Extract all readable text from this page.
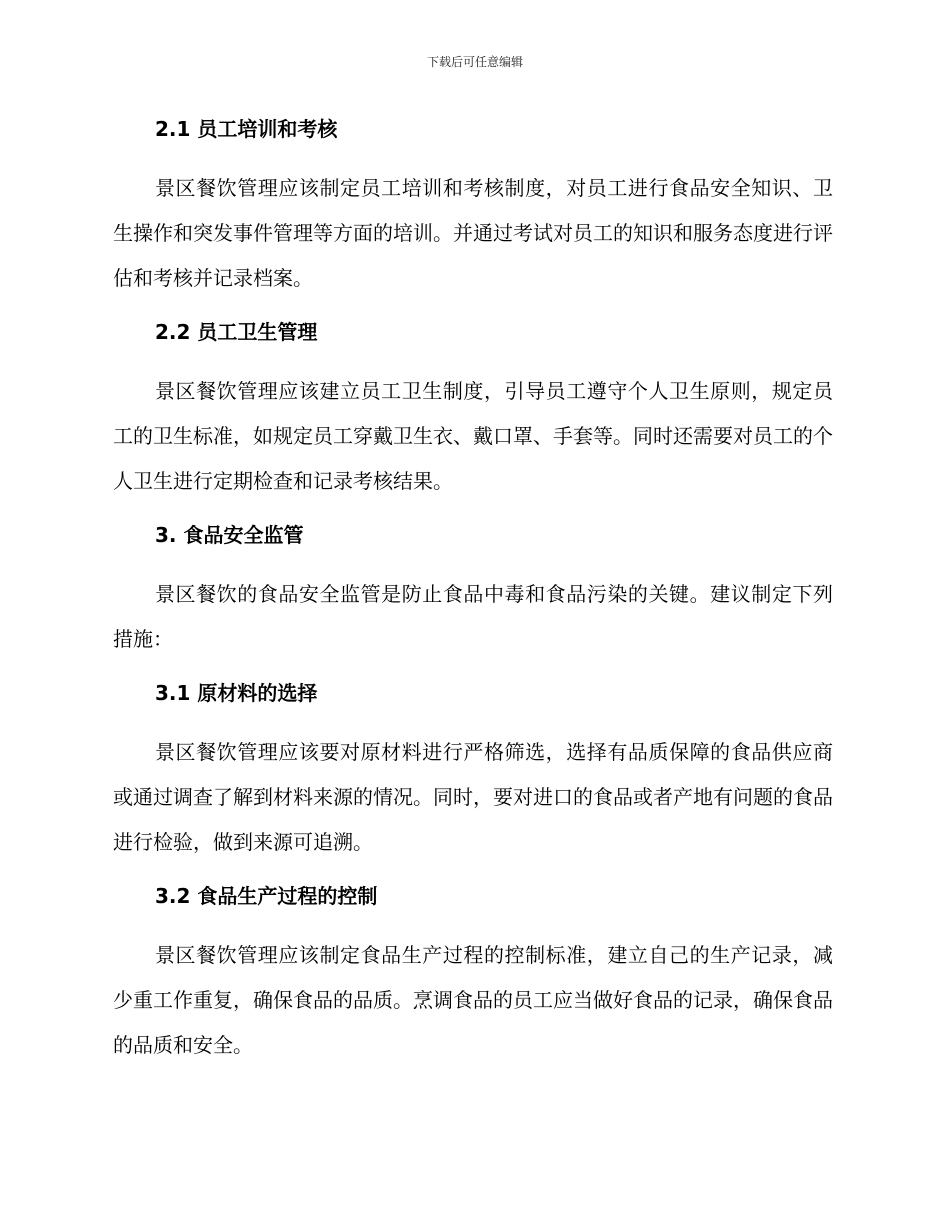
下载后可任意编辑
2.1 员工培训和考核

景区餐饮管理应该制定员工培训和考核制度，对员工进行食品安全知识、卫生操作和突发事件管理等方面的培训。并通过考试对员工的知识和服务态度进行评估和考核并记录档案。

2.2 员工卫生管理

景区餐饮管理应该建立员工卫生制度，引导员工遵守个人卫生原则，规定员工的卫生标准，如规定员工穿戴卫生衣、戴口罩、手套等。同时还需要对员工的个人卫生进行定期检查和记录考核结果。

3. 食品安全监管

景区餐饮的食品安全监管是防止食品中毒和食品污染的关键。建议制定下列措施：

3.1 原材料的选择

景区餐饮管理应该要对原材料进行严格筛选，选择有品质保障的食品供应商或通过调查了解到材料来源的情况。同时，要对进口的食品或者产地有问题的食品进行检验，做到来源可追溯。

3.2 食品生产过程的控制

景区餐饮管理应该制定食品生产过程的控制标准，建立自己的生产记录，减少重工作重复，确保食品的品质。烹调食品的员工应当做好食品的记录，确保食品的品质和安全。
